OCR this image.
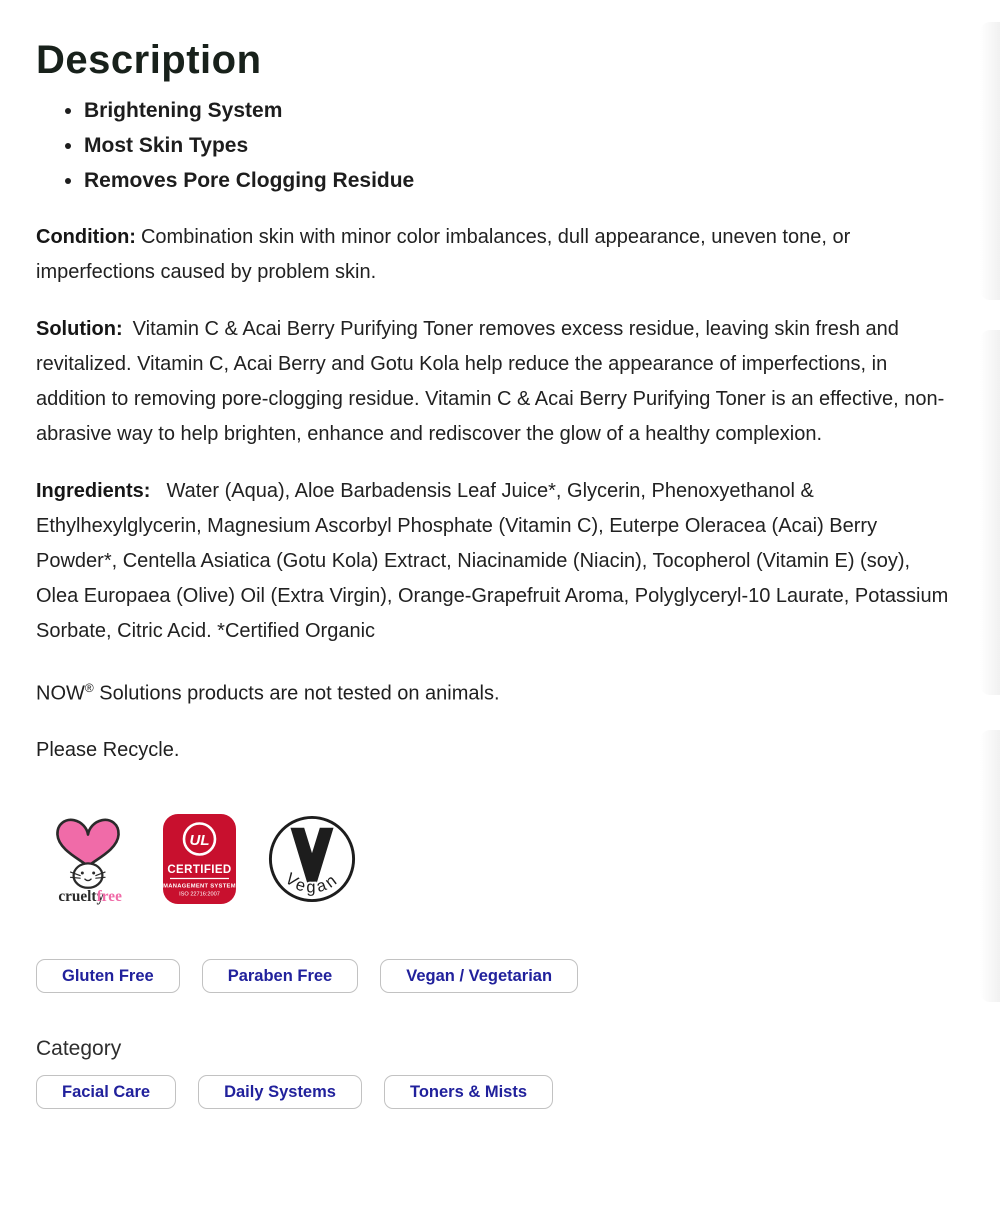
Description
• Brightening System
• Most Skin Types
• Removes Pore Clogging Residue

Condition: Combination skin with minor color imbalances, dull appearance, uneven tone, or imperfections caused by problem skin.

Solution: Vitamin C & Acai Berry Purifying Toner removes excess residue, leaving skin fresh and revitalized. Vitamin C, Acai Berry and Gotu Kola help reduce the appearance of imperfections, in addition to removing pore-clogging residue. Vitamin C & Acai Berry Purifying Toner is an effective, non-abrasive way to help brighten, enhance and rediscover the glow of a healthy complexion.

Ingredients: Water (Aqua), Aloe Barbadensis Leaf Juice*, Glycerin, Phenoxyethanol & Ethylhexylglycerin, Magnesium Ascorbyl Phosphate (Vitamin C), Euterpe Oleracea (Acai) Berry Powder*, Centella Asiatica (Gotu Kola) Extract, Niacinamide (Niacin), Tocopherol (Vitamin E) (soy), Olea Europaea (Olive) Oil (Extra Virgin), Orange-Grapefruit Aroma, Polyglyceryl-10 Laurate, Potassium Sorbate, Citric Acid. *Certified Organic

NOW® Solutions products are not tested on animals.

Please Recycle.

cruelty
free
UL
CERTIFIED
MANAGEMENT SYSTEM
ISO 22716:2007
Vegan
Gluten Free	Paraben Free	Vegan / Vegetarian
Category
Facial Care	Daily Systems	Toners & Mists
